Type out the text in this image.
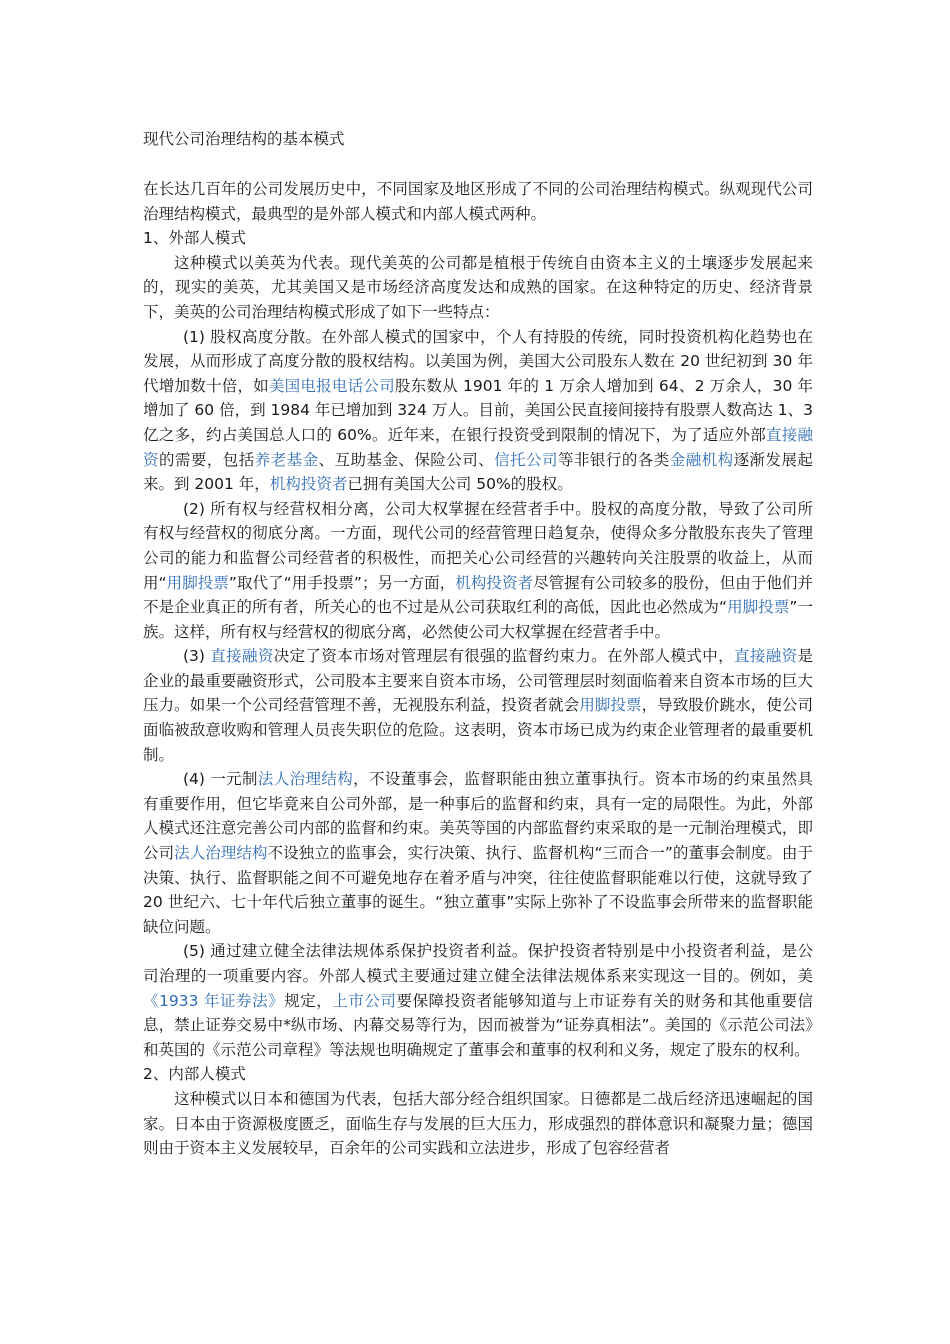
现代公司治理结构的基本模式

在长达几百年的公司发展历史中，不同国家及地区形成了不同的公司治理结构模式。纵观现代公司治理结构模式，最典型的是外部人模式和内部人模式两种。

1、外部人模式

这种模式以美英为代表。现代美英的公司都是植根于传统自由资本主义的土壤逐步发展起来的，现实的美英，尤其美国又是市场经济高度发达和成熟的国家。在这种特定的历史、经济背景下，美英的公司治理结构模式形成了如下一些特点：

(1) 股权高度分散。在外部人模式的国家中，个人有持股的传统，同时投资机构化趋势也在发展，从而形成了高度分散的股权结构。以美国为例，美国大公司股东人数在 20 世纪初到 30 年代增加数十倍，如美国电报电话公司股东数从 1901 年的 1 万余人增加到 64、2 万余人，30 年增加了 60 倍，到 1984 年已增加到 324 万人。目前，美国公民直接间接持有股票人数高达 1、3 亿之多，约占美国总人口的 60%。近年来，在银行投资受到限制的情况下，为了适应外部直接融资的需要，包括养老基金、互助基金、保险公司、信托公司等非银行的各类金融机构逐渐发展起来。到 2001 年，机构投资者已拥有美国大公司 50%的股权。

(2) 所有权与经营权相分离，公司大权掌握在经营者手中。股权的高度分散，导致了公司所有权与经营权的彻底分离。一方面，现代公司的经营管理日趋复杂，使得众多分散股东丧失了管理公司的能力和监督公司经营者的积极性，而把关心公司经营的兴趣转向关注股票的收益上，从而用“用脚投票”取代了“用手投票”；另一方面，机构投资者尽管握有公司较多的股份，但由于他们并不是企业真正的所有者，所关心的也不过是从公司获取红利的高低，因此也必然成为“用脚投票”一族。这样，所有权与经营权的彻底分离，必然使公司大权掌握在经营者手中。

(3) 直接融资决定了资本市场对管理层有很强的监督约束力。在外部人模式中，直接融资是企业的最重要融资形式，公司股本主要来自资本市场，公司管理层时刻面临着来自资本市场的巨大压力。如果一个公司经营管理不善，无视股东利益，投资者就会用脚投票，导致股价跳水，使公司面临被敌意收购和管理人员丧失职位的危险。这表明，资本市场已成为约束企业管理者的最重要机制。

(4) 一元制法人治理结构，不设董事会，监督职能由独立董事执行。资本市场的约束虽然具有重要作用，但它毕竟来自公司外部，是一种事后的监督和约束，具有一定的局限性。为此，外部人模式还注意完善公司内部的监督和约束。美英等国的内部监督约束采取的是一元制治理模式，即公司法人治理结构不设独立的监事会，实行决策、执行、监督机构“三而合一”的董事会制度。由于决策、执行、监督职能之间不可避免地存在着矛盾与冲突，往往使监督职能难以行使，这就导致了 20 世纪六、七十年代后独立董事的诞生。“独立董事”实际上弥补了不设监事会所带来的监督职能缺位问题。

(5) 通过建立健全法律法规体系保护投资者利益。保护投资者特别是中小投资者利益，是公司治理的一项重要内容。外部人模式主要通过建立健全法律法规体系来实现这一目的。例如，美《1933 年证券法》规定，上市公司要保障投资者能够知道与上市证券有关的财务和其他重要信息，禁止证券交易中*纵市场、内幕交易等行为，因而被誉为“证券真相法”。美国的《示范公司法》和英国的《示范公司章程》等法规也明确规定了董事会和董事的权利和义务，规定了股东的权利。

2、内部人模式

这种模式以日本和德国为代表，包括大部分经合组织国家。日德都是二战后经济迅速崛起的国家。日本由于资源极度匮乏，面临生存与发展的巨大压力，形成强烈的群体意识和凝聚力量；德国则由于资本主义发展较早，百余年的公司实践和立法进步，形成了包容经营者
